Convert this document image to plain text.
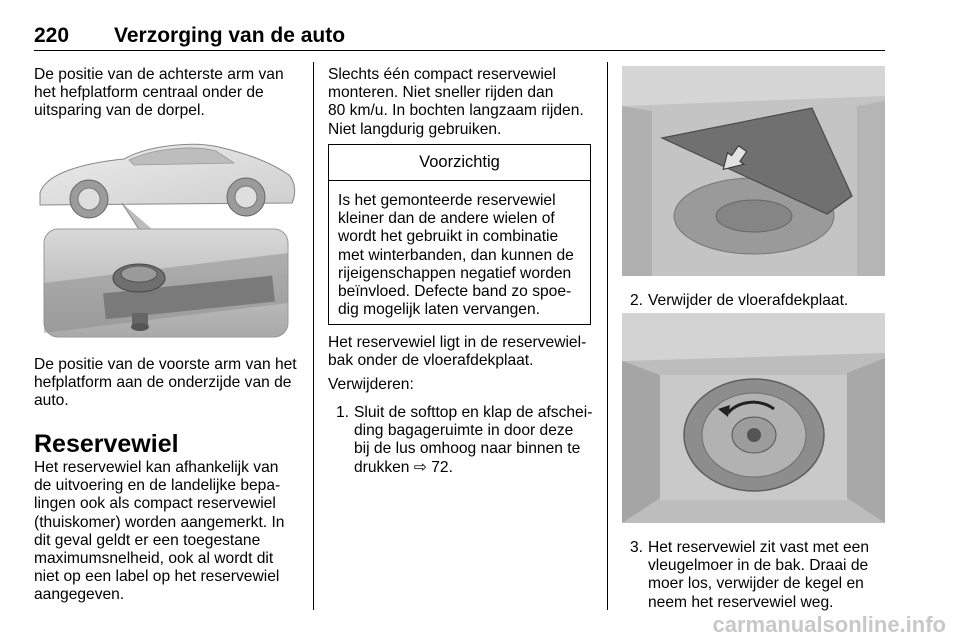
220 Verzorging van de auto
De positie van de achterste arm van
het hefplatform centraal onder de
uitsparing van de dorpel.
De positie van de voorste arm van het
hefplatform aan de onderzijde van de
auto.
Reservewiel
Het reservewiel kan afhankelijk van
de uitvoering en de landelijke bepa-
lingen ook als compact reservewiel
(thuiskomer) worden aangemerkt. In
dit geval geldt er een toegestane
maximumsnelheid, ook al wordt dit
niet op een label op het reservewiel
aangegeven.
Slechts één compact reservewiel
monteren. Niet sneller rijden dan
80 km/u. In bochten langzaam rijden.
Niet langdurig gebruiken.
Voorzichtig
Is het gemonteerde reservewiel
kleiner dan de andere wielen of
wordt het gebruikt in combinatie
met winterbanden, dan kunnen de
rijeigenschappen negatief worden
beïnvloed. Defecte band zo spoe-
dig mogelijk laten vervangen.
Het reservewiel ligt in de reservewiel-
bak onder de vloerafdekplaat.
Verwijderen:
1. Sluit de softtop en klap de afschei-
ding bagageruimte in door deze
bij de lus omhoog naar binnen te
drukken ⇨ 72.
2. Verwijder de vloerafdekplaat.
3. Het reservewiel zit vast met een
vleugelmoer in de bak. Draai de
moer los, verwijder de kegel en
neem het reservewiel weg.
carmanualsonline.info
